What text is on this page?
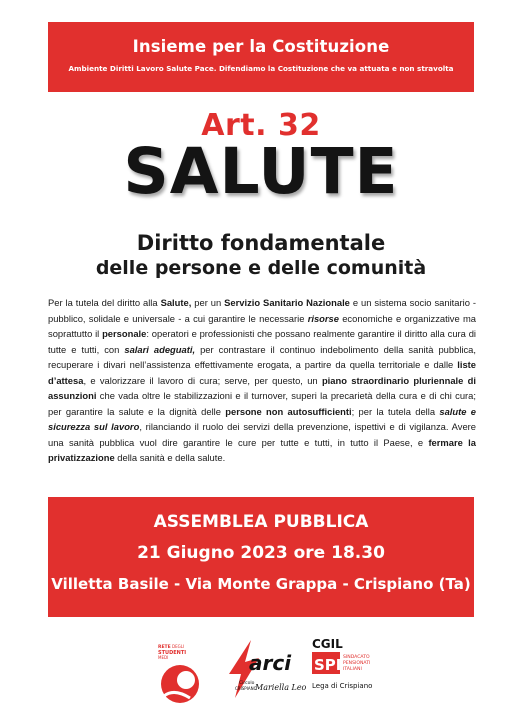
Insieme per la Costituzione
Ambiente Diritti Lavoro Salute Pace. Difendiamo la Costituzione che va attuata e non stravolta
Art. 32
SALUTE
Diritto fondamentale
delle persone e delle comunità
Per la tutela del diritto alla Salute, per un Servizio Sanitario Nazionale e un sistema socio sanitario - pubblico, solidale e universale - a cui garantire le necessarie risorse economiche e organizzative ma soprattutto il personale: operatori e professionisti che possano realmente garantire il diritto alla cura di tutte e tutti, con salari adeguati, per contrastare il continuo indebolimento della sanità pubblica, recuperare i divari nell’assistenza effettivamente erogata, a partire da quella territoriale e dalle liste d’attesa, e valorizzare il lavoro di cura; serve, per questo, un piano straordinario pluriennale di assunzioni che vada oltre le stabilizzazioni e il turnover, superi la precarietà della cura e di chi cura; per garantire la salute e la dignità delle persone non autosufficienti; per la tutela della salute e sicurezza sul lavoro, rilanciando il ruolo dei servizi della prevenzione, ispettivi e di vigilanza. Avere una sanità pubblica vuol dire garantire le cure per tutte e tutti, in tutto il Paese, e fermare la privatizzazione della sanità e della salute.
ASSEMBLEA PUBBLICA
21 Giugno 2023 ore 18.30
Villetta Basile - Via Monte Grappa - Crispiano (Ta)
RETE DEGLI
STUDENTI
MEDI	arci
Circolo
CRISPIANO
Mariella Leo
CGIL
SPI SINDACATO
PENSIONATI
ITALIANI
Lega di Crispiano
